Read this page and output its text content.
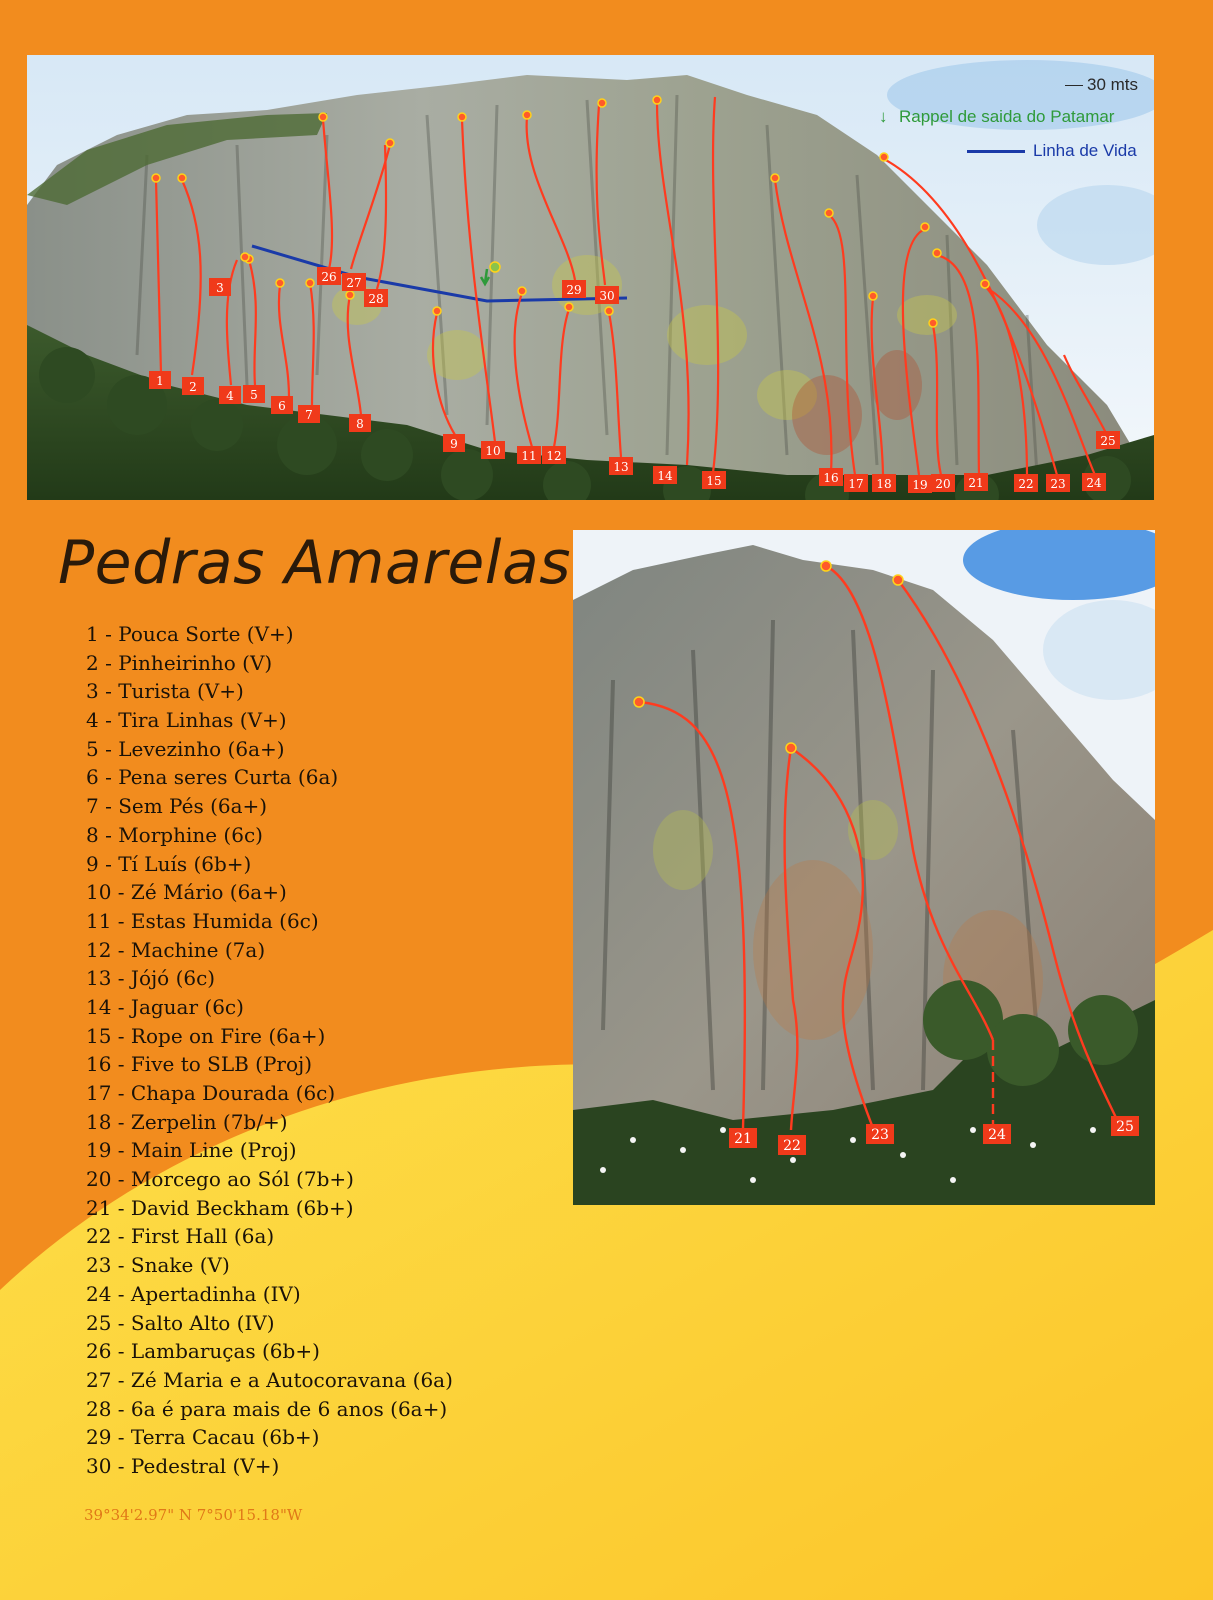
1 2
3
4 5
6
7
8
9 10 11 12
13
14	15	16 17 18 19 20 21	22 23 24
25
26 27
28
29 30
30 mts
↓ Rappel de saida do Patamar
Linha de Vida
Pedras Amarelas
1 - Pouca Sorte (V+)
2 - Pinheirinho (V)
3 - Turista (V+)
4 - Tira Linhas (V+)
5 - Levezinho (6a+)
6 - Pena seres Curta (6a)
7 - Sem Pés (6a+)
8 - Morphine (6c)
9 - Tí Luís (6b+)
10 - Zé Mário (6a+)
11 - Estas Humida (6c)
12 - Machine (7a)
13 - Jójó (6c)
14 - Jaguar (6c)
15 - Rope on Fire (6a+)
16 - Five to SLB (Proj)
17 - Chapa Dourada (6c)
18 - Zerpelin (7b/+)
19 - Main Line (Proj)
20 - Morcego ao Sól (7b+)
21 - David Beckham (6b+)
22 - First Hall (6a)
23 - Snake (V)
24 - Apertadinha (IV)
25 - Salto Alto (IV)
26 - Lambaruças (6b+)
27 - Zé Maria e a Autocoravana (6a)
28 - 6a é para mais de 6 anos (6a+)
29 - Terra Cacau (6b+)
30 - Pedestral (V+)
21 22
23	24	25
39°34'2.97" N 7°50'15.18"W
